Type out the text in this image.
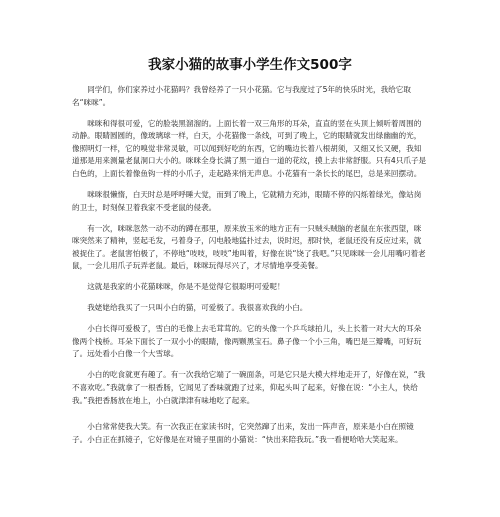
我家小猫的故事小学生作文500字

同学们，你们家养过小花猫吗？我曾经养了一只小花猫。它与我度过了5年的快乐时光，我给它取名“咪咪”。

咪咪和得很可爱，它的脸装黑溜溜的。上面长着一双三角形的耳朵，直直的竖在头顶上倾听着周围的动静。眼睛圆圆的，像玻璃球一样，白天，小花猫像一条线，可到了晚上，它的眼睛就发出绿幽幽的光，像照明灯一样，它的嗅觉非常灵敏，可以闻到好吃的东西，它的嘴边长着八根胡须，又细又长又硬，我知道那是用来测量老鼠洞口大小的。咪咪全身长满了黑一道白一道的花纹，摸上去非常舒服。只有4只爪子是白色的，上面长着像鱼钩一样的小爪子，走起路来悄无声息。小花猫有一条长长的尾巴，总是来回摆动。

咪咪很懒惰，白天时总是呼呼睡大觉，而到了晚上，它就精力充沛，眼睛不停的闪烁着绿光，像站岗的卫士，时刻保卫着我家不受老鼠的侵袭。

有一次，咪咪忽然一动不动的蹲在那里，原来放玉米的地方正有一只贼头贼脑的老鼠在东张西望，咪咪突然来了精神，竖起毛发，弓着身子，闪电般地猛扑过去，说时迟，那时快，老鼠还没有反应过来，就被捉住了。老鼠害怕极了，不停地“吱吱，吱吱”地叫着，好像在说“饶了我吧。”只见咪咪一会儿用嘴叼着老鼠，一会儿用爪子玩弄老鼠。最后，咪咪玩得尽兴了，才尽情地享受美餐。

这就是我家的小花猫咪咪，你是不是觉得它很聪明可爱呢！

我姥姥给我买了一只叫小白的猫，可爱极了。我很喜欢我的小白。

小白长得可爱极了，雪白的毛像上去毛茸茸的。它的头像一个乒乓球拍儿，头上长着一对大大的耳朵像两个栈桥。耳朵下面长了一双小小的眼睛，像两颗黑宝石。鼻子像一个小三角，嘴巴是三瓣嘴，可好玩了。远处看小白像一个大雪球。

小白的吃食就更有趣了。有一次我给它端了一碗面条，可是它只是大模大样地走开了，好像在说，“我不喜欢吃。”我就拿了一根香肠，它闻见了香味就跑了过来，仰起头叫了起来，好像在说：“小主人，快给我。”我把香肠放在地上，小白就津津有味地吃了起来。

小白常常使我大笑。有一次我正在家读书时，它突然蹿了出来，发出一阵声音，原来是小白在照镜子。小白正在抓镜子，它好像是在对镜子里面的小猫说：“快出来陪我玩。”我一看便哈哈大笑起来。
